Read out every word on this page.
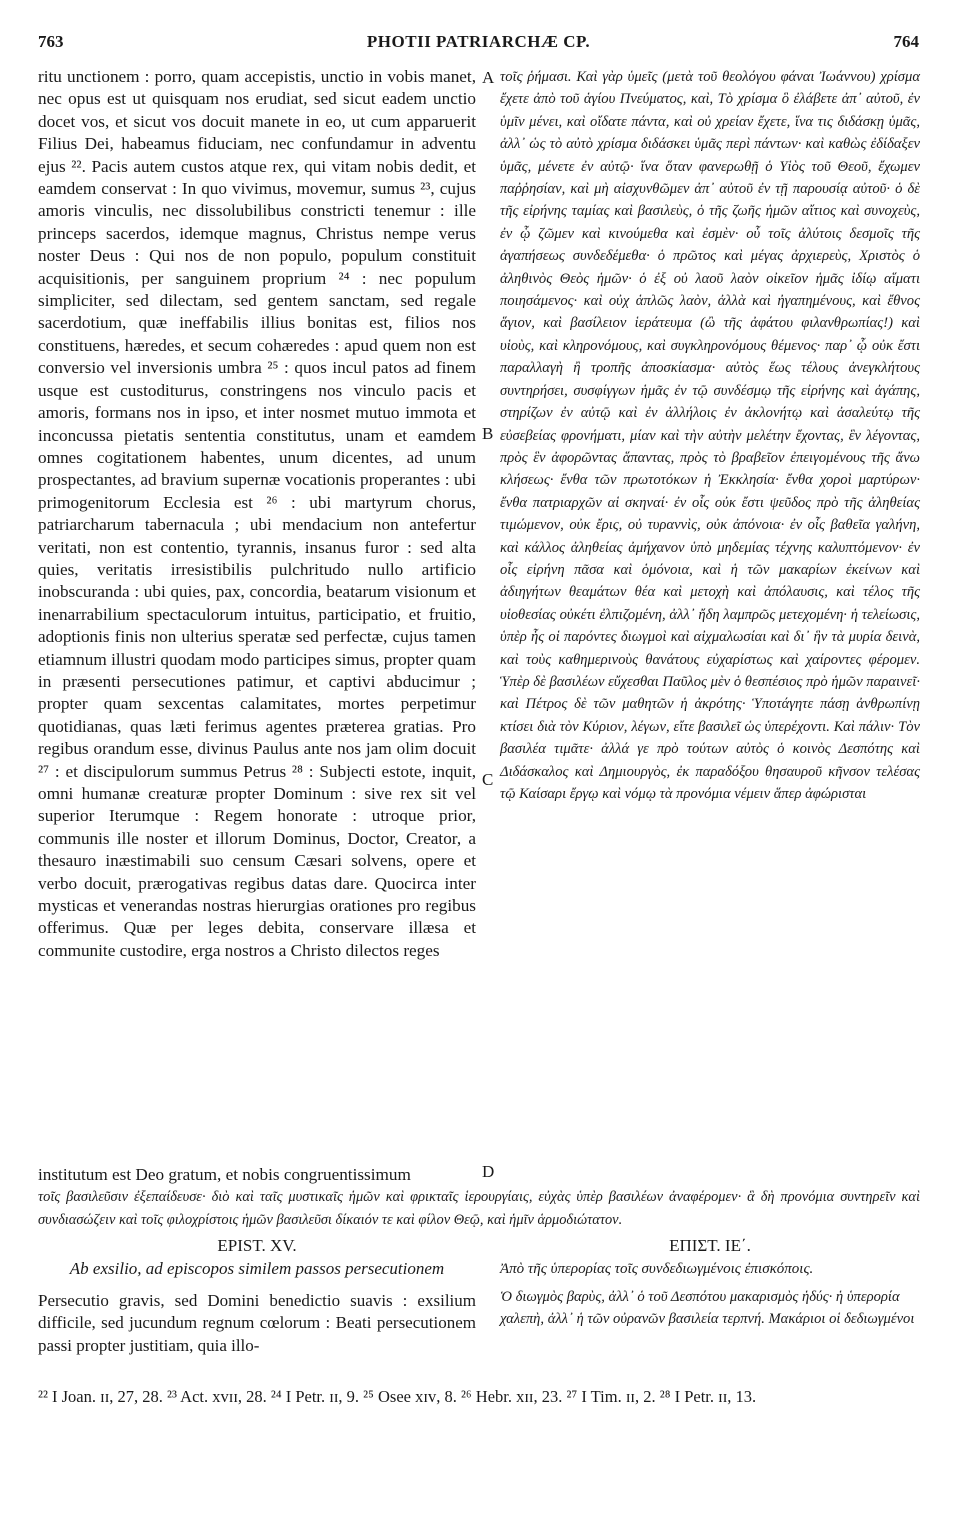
763	PHOTII PATRIARCHÆ CP.	764
ritu unctionem : porro, quam accepistis, unctio in vobis manet, nec opus est ut quisquam nos erudiat, sed sicut eadem unctio docet vos, et sicut vos docuit manete in eo, ut cum apparuerit Filius Dei, habeamus fiduciam, nec confundamur in adventu ejus ²². Pacis autem custos atque rex, qui vitam nobis dedit, et eamdem conservat : In quo vivimus, movemur, sumus ²³, cujus amoris vinculis, nec dissolubilibus constricti tenemur : ille princeps sacerdos, idemque magnus, Christus nempe verus noster Deus : Qui nos de non populo, populum constituit acquisitionis, per sanguinem proprium ²⁴ : nec populum simpliciter, sed dilectam, sed gentem sanctam, sed regale sacerdotium, quæ ineffabilis illius bonitas est, filios nos constituens, hæredes, et secum cohæredes : apud quem non est conversio vel inversionis umbra ²⁵ : quos incul patos ad finem usque est custoditurus, constringens nos vinculo pacis et amoris, formans nos in ipso, et inter nosmet mutuo immota et inconcussa pietatis sententia constitutus, unam et eamdem omnes cogitationem habentes, unum dicentes, ad unum prospectantes, ad bravium supernæ vocationis properantes : ubi primogenitorum Ecclesia est ²⁶ : ubi martyrum chorus, patriarcharum tabernacula ; ubi mendacium non antefertur veritati, non est contentio, tyrannis, insanus furor : sed alta quies, veritatis irresistibilis pulchritudo nullo artificio inobscuranda : ubi quies, pax, concordia, beatarum visionum et inenarrabilium spectaculorum intuitus, participatio, et fruitio, adoptionis finis non ulterius speratæ sed perfectæ, cujus tamen etiamnum illustri quodam modo participes simus, propter quam in præsenti persecutiones patimur, et captivi abducimur ; propter quam sexcentas calamitates, mortes perpetimur quotidianas, quas læti ferimus agentes præterea gratias. Pro regibus orandum esse, divinus Paulus ante nos jam olim docuit ²⁷ : et discipulorum summus Petrus ²⁸ : Subjecti estote, inquit, omni humanæ creaturæ propter Dominum : sive rex sit vel superior Iterumque : Regem honorate : utroque prior, communis ille noster et illorum Dominus, Doctor, Creator, a thesauro inæstimabili suo censum Cæsari solvens, opere et verbo docuit, prærogativas regibus datas dare. Quocirca inter mysticas et venerandas nostras hierurgias orationes pro regibus offerimus. Quæ per leges debita, conservare illæsa et communite custodire, erga nostros a Christo dilectos reges
τοῖς ῥήμασι. Καὶ γὰρ ὑμεῖς (μετὰ τοῦ θεολόγου φάναι Ἰωάννου) χρίσμα ἔχετε ἀπὸ τοῦ ἁγίου Πνεύματος, καὶ, Τὸ χρίσμα ὃ ἐλάβετε ἀπ᾽ αὐτοῦ, ἐν ὑμῖν μένει, καὶ οἴδατε πάντα, καὶ οὐ χρείαν ἔχετε, ἵνα τις διδάσκῃ ὑμᾶς, ἀλλ᾽ ὡς τὸ αὐτὸ χρίσμα διδάσκει ὑμᾶς περὶ πάντων· καὶ καθὼς ἐδίδαξεν ὑμᾶς, μένετε ἐν αὐτῷ· ἵνα ὅταν φανερωθῇ ὁ Υἱὸς τοῦ Θεοῦ, ἔχωμεν παῤῥησίαν, καὶ μὴ αἰσχυνθῶμεν ἀπ᾽ αὐτοῦ ἐν τῇ παρουσίᾳ αὐτοῦ· ὁ δὲ τῆς εἰρήνης ταμίας καὶ βασιλεὺς, ὁ τῆς ζωῆς ἡμῶν αἴτιος καὶ συνοχεὺς, ἐν ᾧ ζῶμεν καὶ κινούμεθα καὶ ἐσμὲν· οὗ τοῖς ἀλύτοις δεσμοῖς τῆς ἀγαπήσεως συνδεδέμεθα· ὁ πρῶτος καὶ μέγας ἀρχιερεὺς, Χριστὸς ὁ ἀληθινὸς Θεὸς ἡμῶν· ὁ ἐξ οὐ λαοῦ λαὸν οἰκεῖον ἡμᾶς ἰδίῳ αἵματι ποιησάμενος· καὶ οὐχ ἁπλῶς λαὸν, ἀλλὰ καὶ ἠγαπημένους, καὶ ἔθνος ἅγιον, καὶ βασίλειον ἱεράτευμα (ὢ τῆς ἀφάτου φιλανθρωπίας!) καὶ υἱοὺς, καὶ κληρονόμους, καὶ συγκληρονόμους θέμενος· παρ᾽ ᾧ οὐκ ἔστι παραλλαγὴ ἢ τροπῆς ἀποσκίασμα· αὐτὸς ἕως τέλους ἀνεγκλήτους συντηρήσει, συσφίγγων ἡμᾶς ἐν τῷ συνδέσμῳ τῆς εἰρήνης καὶ ἀγάπης, στηρίζων ἐν αὐτῷ καὶ ἐν ἀλλήλοις ἐν ἀκλονήτῳ καὶ ἀσαλεύτῳ τῆς εὐσεβείας φρονήματι, μίαν καὶ τὴν αὐτὴν μελέτην ἔχοντας, ἓν λέγοντας, πρὸς ἓν ἀφορῶντας ἅπαντας, πρὸς τὸ βραβεῖον ἐπειγομένους τῆς ἄνω κλήσεως· ἔνθα τῶν πρωτοτόκων ἡ Ἐκκλησία· ἔνθα χοροὶ μαρτύρων· ἔνθα πατριαρχῶν αἱ σκηναί· ἐν οἷς οὐκ ἔστι ψεῦδος πρὸ τῆς ἀληθείας τιμώμενον, οὐκ ἔρις, οὐ τυραννὶς, οὐκ ἀπόνοια· ἐν οἷς βαθεῖα γαλήνη, καὶ κάλλος ἀληθείας ἀμήχανον ὑπὸ μηδεμίας τέχνης καλυπτόμενον· ἐν οἷς εἰρήνη πᾶσα καὶ ὁμόνοια, καὶ ἡ τῶν μακαρίων ἐκείνων καὶ ἀδιηγήτων θεαμάτων θέα καὶ μετοχὴ καὶ ἀπόλαυσις, καὶ τέλος τῆς υἱοθεσίας οὐκέτι ἐλπιζομένη, ἀλλ᾽ ἤδη λαμπρῶς μετεχομένη· ἡ τελείωσις, ὑπὲρ ἧς οἱ παρόντες διωγμοὶ καὶ αἰχμαλωσίαι καὶ δι᾽ ἣν τὰ μυρία δεινὰ, καὶ τοὺς καθημερινοὺς θανάτους εὐχαρίστως καὶ χαίροντες φέρομεν. Ὑπὲρ δὲ βασιλέων εὔχεσθαι Παῦλος μὲν ὁ θεσπέσιος πρὸ ἡμῶν παραινεῖ· καὶ Πέτρος δὲ τῶν μαθητῶν ἡ ἀκρότης· Ὑποτάγητε πάσῃ ἀνθρωπίνῃ κτίσει διὰ τὸν Κύριον, λέγων, εἴτε βασιλεῖ ὡς ὑπερέχοντι. Καὶ πάλιν· Τὸν βασιλέα τιμᾶτε· ἀλλά γε πρὸ τούτων αὐτὸς ὁ κοινὸς Δεσπότης καὶ Διδάσκαλος καὶ Δημιουργὸς, ἐκ παραδόξου θησαυροῦ κῆνσον τελέσας τῷ Καίσαρι ἔργῳ καὶ νόμῳ τὰ προνόμια νέμειν ἅπερ ἀφώρισται
A
B
C
D
institutum est Deo gratum, et nobis congruentissimum
τοῖς βασιλεῦσιν ἐξεπαίδευσε· διὸ καὶ ταῖς μυστικαῖς ἡμῶν καὶ φρικταῖς ἱερουργίαις, εὐχὰς ὑπὲρ βασιλέων ἀναφέρομεν· ἃ δὴ προνόμια συντηρεῖν καὶ συνδιασώζειν καὶ τοῖς φιλοχρίστοις ἡμῶν βασιλεῦσι δίκαιόν τε καὶ φίλον Θεῷ, καὶ ἡμῖν ἁρμοδιώτατον.
EPIST. XV.
Ab exsilio, ad episcopos similem passos persecutionem
Persecutio gravis, sed Domini benedictio suavis : exsilium difficile, sed jucundum regnum cœlorum : Beati persecutionem passi propter justitiam, quia illo-
ΕΠΙΣΤ. ΙΕ΄.
Ἀπὸ τῆς ὑπερορίας τοῖς συνδεδιωγμένοις ἐπισκόποις.
Ὁ διωγμὸς βαρὺς, ἀλλ᾽ ὁ τοῦ Δεσπότου μακαρισμὸς ἡδύς· ἡ ὑπερορία χαλεπὴ, ἀλλ᾽ ἡ τῶν οὐρανῶν βασιλεία τερπνή. Μακάριοι οἱ δεδιωγμένοι
²² I Joan. ɪɪ, 27, 28. ²³ Act. xᴠɪɪ, 28. ²⁴ I Petr. ɪɪ, 9. ²⁵ Osee xɪᴠ, 8. ²⁶ Hebr. xɪɪ, 23. ²⁷ I Tim. ɪɪ, 2. ²⁸ I Petr. ɪɪ, 13.
